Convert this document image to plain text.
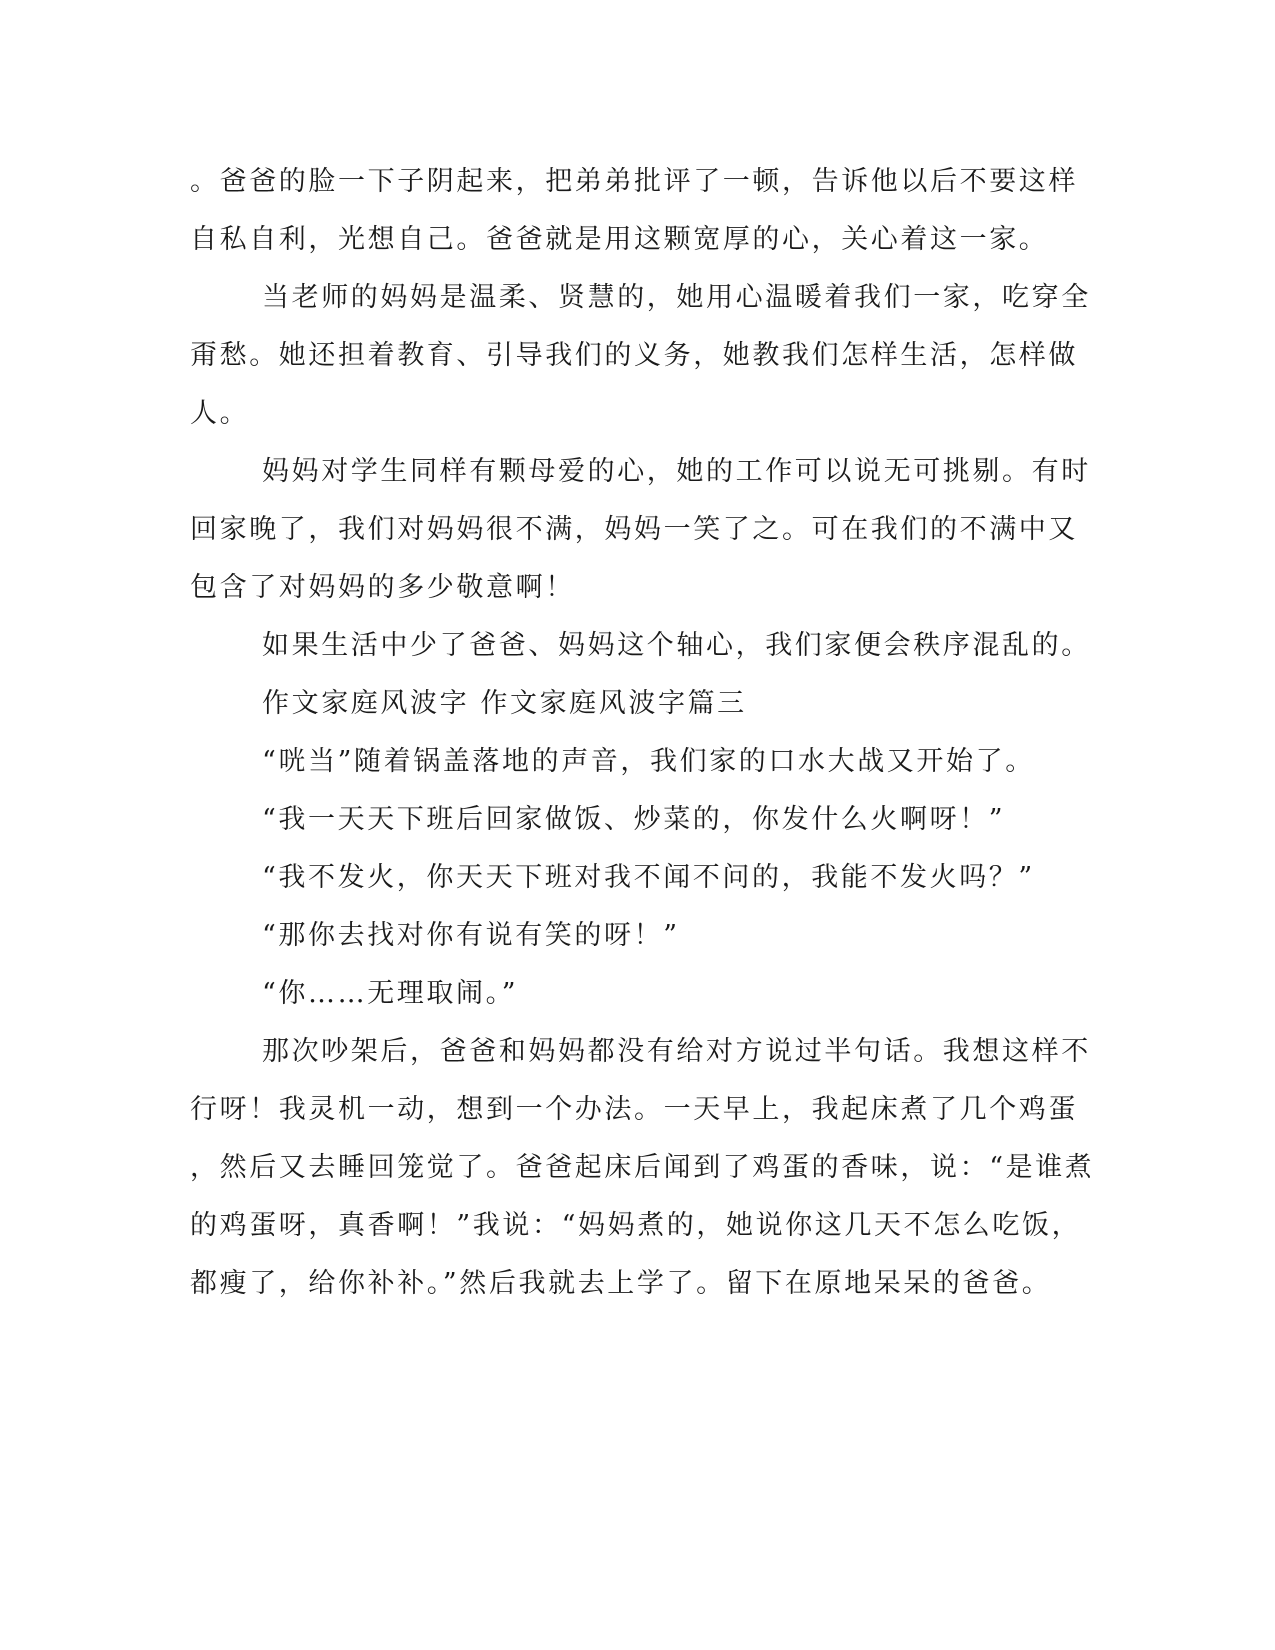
。爸爸的脸一下子阴起来，把弟弟批评了一顿，告诉他以后不要这样
自私自利，光想自己。爸爸就是用这颗宽厚的心，关心着这一家。
当老师的妈妈是温柔、贤慧的，她用心温暖着我们一家，吃穿全
甭愁。她还担着教育、引导我们的义务，她教我们怎样生活，怎样做
人。
妈妈对学生同样有颗母爱的心，她的工作可以说无可挑剔。有时
回家晚了，我们对妈妈很不满，妈妈一笑了之。可在我们的不满中又
包含了对妈妈的多少敬意啊！
如果生活中少了爸爸、妈妈这个轴心，我们家便会秩序混乱的。
作文家庭风波字 作文家庭风波字篇三
“咣当”随着锅盖落地的声音，我们家的口水大战又开始了。
“我一天天下班后回家做饭、炒菜的，你发什么火啊呀！”
“我不发火，你天天下班对我不闻不问的，我能不发火吗？”
“那你去找对你有说有笑的呀！”
“你……无理取闹。”
那次吵架后，爸爸和妈妈都没有给对方说过半句话。我想这样不
行呀！我灵机一动，想到一个办法。一天早上，我起床煮了几个鸡蛋
，然后又去睡回笼觉了。爸爸起床后闻到了鸡蛋的香味，说：“是谁煮
的鸡蛋呀，真香啊！”我说：“妈妈煮的，她说你这几天不怎么吃饭，
都瘦了，给你补补。”然后我就去上学了。留下在原地呆呆的爸爸。
